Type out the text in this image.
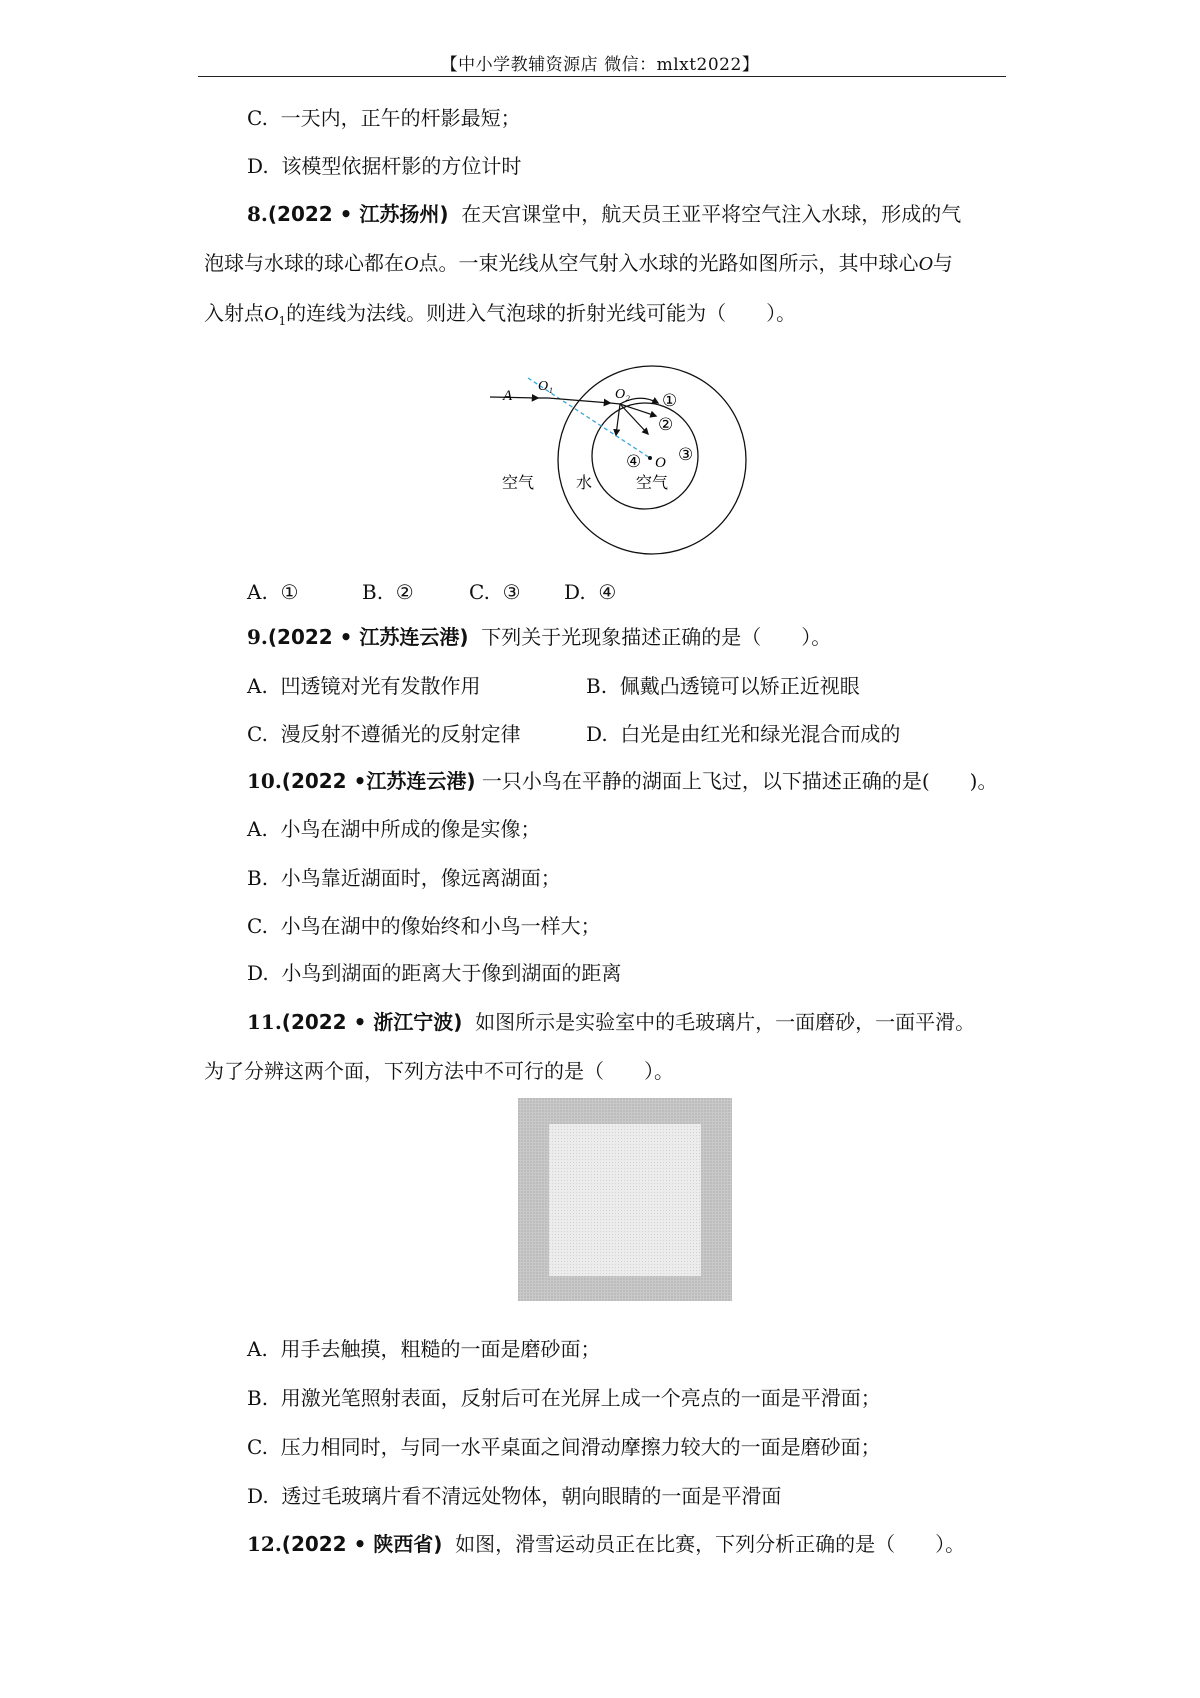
【中小学教辅资源店 微信：mlxt2022】
C. 一天内，正午的杆影最短；
D. 该模型依据杆影的方位计时
8.(2022 • 江苏扬州) 在天宫课堂中，航天员王亚平将空气注入水球，形成的气
泡球与水球的球心都在O点。一束光线从空气射入水球的光路如图所示，其中球心O与
入射点$O_1$的连线为法线。则进入气泡球的折射光线可能为（　　）。
A
O₁
O₂
O
①
②
③
④
空气	水	空气
A. ①	B. ②	C. ③ D. ④
9.(2022 • 江苏连云港) 下列关于光现象描述正确的是（　　）。
A. 凹透镜对光有发散作用	B. 佩戴凸透镜可以矫正近视眼
C. 漫反射不遵循光的反射定律	D. 白光是由红光和绿光混合而成的
10.(2022 •江苏连云港) 一只小鸟在平静的湖面上飞过，以下描述正确的是(　　)。
A. 小鸟在湖中所成的像是实像；
B. 小鸟靠近湖面时，像远离湖面；
C. 小鸟在湖中的像始终和小鸟一样大；
D. 小鸟到湖面的距离大于像到湖面的距离
11.(2022 • 浙江宁波) 如图所示是实验室中的毛玻璃片，一面磨砂，一面平滑。
为了分辨这两个面，下列方法中不可行的是（　　）。
A. 用手去触摸，粗糙的一面是磨砂面；
B. 用激光笔照射表面，反射后可在光屏上成一个亮点的一面是平滑面；
C. 压力相同时，与同一水平桌面之间滑动摩擦力较大的一面是磨砂面；
D. 透过毛玻璃片看不清远处物体，朝向眼睛的一面是平滑面
12.(2022 • 陕西省) 如图，滑雪运动员正在比赛，下列分析正确的是（　　）。
